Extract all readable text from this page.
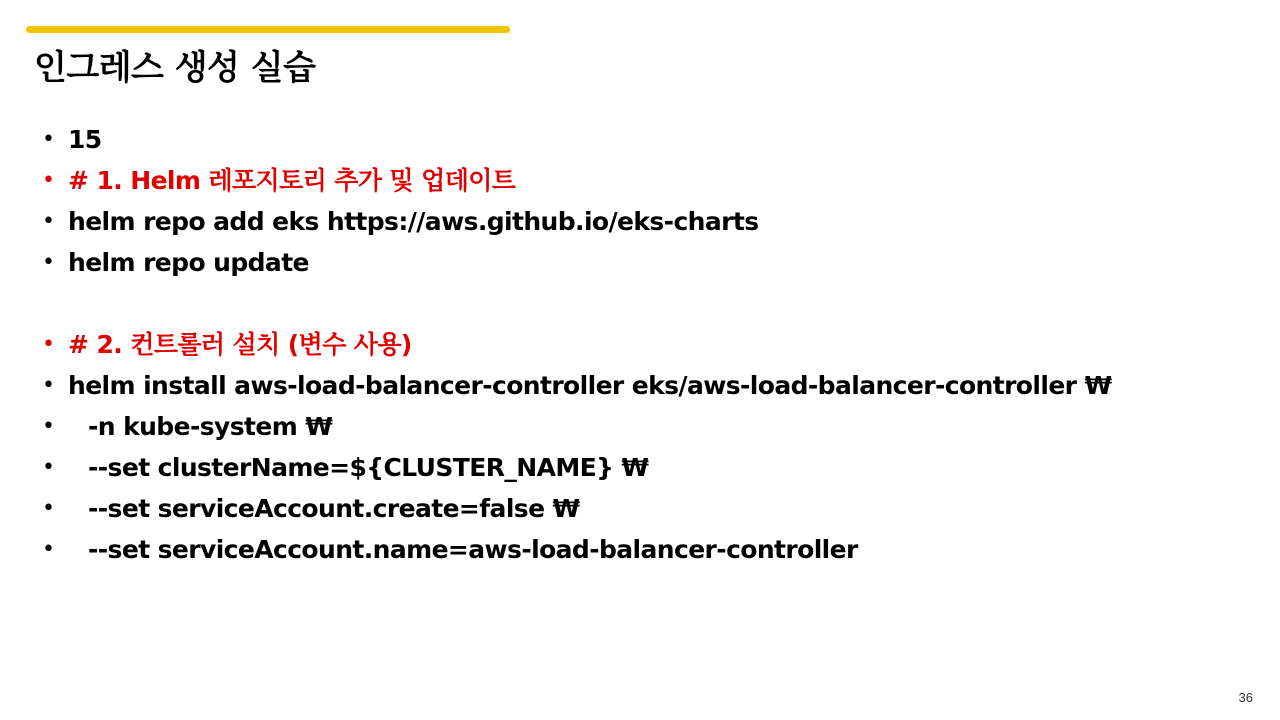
인그레스 생성 실습
• 15
• # 1. Helm 레포지토리 추가 및 업데이트
• helm repo add eks https://aws.github.io/eks-charts
• helm repo update
• # 2. 컨트롤러 설치 (변수 사용)
• helm install aws-load-balancer-controller eks/aws-load-balancer-controller ₩
•	-n kube-system ₩
•	--set clusterName=${CLUSTER_NAME} ₩
•	--set serviceAccount.create=false ₩
•	--set serviceAccount.name=aws-load-balancer-controller
36
